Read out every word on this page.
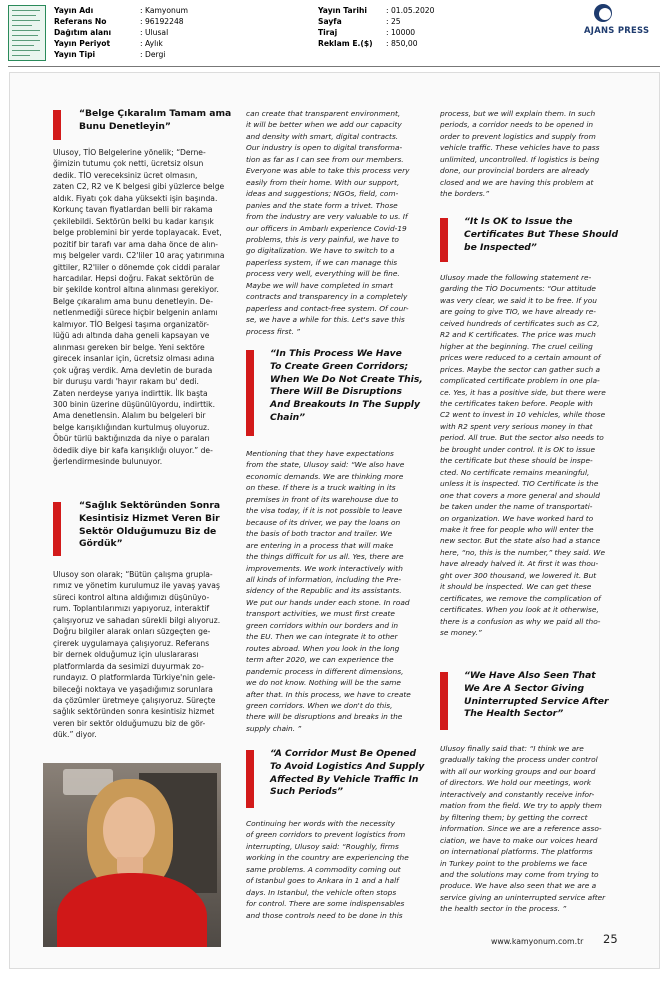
Yayın Adı	: Kamyonum
Referans No	: 96192248
Dağıtım alanı	: Ulusal
Yayın Periyot	: Aylık
Yayın Tipi	: Dergi
Yayın Tarihi	: 01.05.2020
Sayfa	: 25
Tiraj	: 10000
Reklam E.($) : 850,00
AJANS PRESS
“Belge Çıkaralım Tamam ama
Bunu Denetleyin”

Ulusoy, TİO Belgelerine yönelik; “Derne-

ğimizin tutumu çok netti, ücretsiz olsun

dedik. TİO vereceksiniz ücret olmasın,

zaten C2, R2 ve K belgesi gibi yüzlerce belge

aldık. Fiyatı çok daha yüksekti işin başında.

Korkunç tavan fiyatlardan belli bir rakama

çekilebildi. Sektörün belki bu kadar karışık

belge problemini bir yerde toplayacak. Evet,

pozitif bir tarafı var ama daha önce de alın-

mış belgeler vardı. C2'liler 10 araç yatırımına

gittiler, R2'liler o dönemde çok ciddi paralar

harcadılar. Hepsi doğru. Fakat sektörün de

bir şekilde kontrol altına alınması gerekiyor.

Belge çıkaralım ama bunu denetleyin. De-

netlenmediği sürece hiçbir belgenin anlamı

kalmıyor. TİO Belgesi taşıma organizatör-

lüğü adı altında daha geneli kapsayan ve

alınması gereken bir belge. Yeni sektöre

girecek insanlar için, ücretsiz olması adına

çok uğraş verdik. Ama devletin de burada

bir duruşu vardı 'hayır rakam bu' dedi.

Zaten nerdeyse yarıya indirttik. İlk başta

300 binin üzerine düşünülüyordu, indirttik.

Ama denetlensin. Alalım bu belgeleri bir

belge karışıklığından kurtulmuş oluyoruz.

Öbür türlü baktığınızda da niye o paraları

ödedik diye bir kafa karışıklığı oluyor.” de-

ğerlendirmesinde bulunuyor.

“Sağlık Sektöründen Sonra
Kesintisiz Hizmet Veren Bir
Sektör Olduğumuzu Biz de
Gördük”

Ulusoy son olarak; “Bütün çalışma grupla-

rımız ve yönetim kurulumuz ile yavaş yavaş

süreci kontrol altına aldığımızı düşünüyo-

rum. Toplantılarımızı yapıyoruz, interaktif

çalışıyoruz ve sahadan sürekli bilgi alıyoruz.

Doğru bilgiler alarak onları süzgeçten ge-

çirerek uygulamaya çalışıyoruz. Referans

bir dernek olduğumuz için uluslararası

platformlarda da sesimizi duyurmak zo-

rundayız. O platformlarda Türkiye'nin gele-

bileceği noktaya ve yaşadığımız sorunlara

da çözümler üretmeye çalışıyoruz. Süreçte

sağlık sektöründen sonra kesintisiz hizmet

veren bir sektör olduğumuzu biz de gör-

dük.” diyor.

can create that transparent environment,

it will be better when we add our capacity

and density with smart, digital contracts.

Our industry is open to digital transforma-

tion as far as I can see from our members.

Everyone was able to take this process very

easily from their home. With our support,

ideas and suggestions; NGOs, field, com-

panies and the state form a trivet. Those

from the industry are very valuable to us. If

our officers in Ambarlı experience Covid-19

problems, this is very painful, we have to

go digitalization. We have to switch to a

paperless system, if we can manage this

process very well, everything will be fine.

Maybe we will have completed in smart

contracts and transparency in a completely

paperless and contact-free system. Of cour-

se, we have a while for this. Let's save this

process first. ”

“In This Process We Have
To Create Green Corridors;
When We Do Not Create This,
There Will Be Disruptions
And Breakouts In The Supply
Chain”

Mentioning that they have expectations

from the state, Ulusoy said: “We also have

economic demands. We are thinking more

on these. If there is a truck waiting in its

premises in front of its warehouse due to

the visa today, if it is not possible to leave

because of its driver, we pay the loans on

the basis of both tractor and trailer. We

are entering in a process that will make

the things difficult for us all. Yes, there are

improvements. We work interactively with

all kinds of information, including the Pre-

sidency of the Republic and its assistants.

We put our hands under each stone. In road

transport activities, we must first create

green corridors within our borders and in

the EU. Then we can integrate it to other

routes abroad. When you look in the long

term after 2020, we can experience the

pandemic process in different dimensions,

we do not know. Nothing will be the same

after that. In this process, we have to create

green corridors. When we don't do this,

there will be disruptions and breaks in the

supply chain. ”

“A Corridor Must Be Opened
To Avoid Logistics And Supply
Affected By Vehicle Traffic In
Such Periods”

Continuing her words with the necessity

of green corridors to prevent logistics from

interrupting, Ulusoy said: “Roughly, firms

working in the country are experiencing the

same problems. A commodity coming out

of Istanbul goes to Ankara in 1 and a half

days. In Istanbul, the vehicle often stops

for control. There are some indispensables

and those controls need to be done in this

process, but we will explain them. In such

periods, a corridor needs to be opened in

order to prevent logistics and supply from

vehicle traffic. These vehicles have to pass

unlimited, uncontrolled. If logistics is being

done, our provincial borders are already

closed and we are having this problem at

the borders.”

“It Is OK to Issue the
Certificates But These Should
be Inspected”

Ulusoy made the following statement re-

garding the TİO Documents: “Our attitude

was very clear, we said it to be free. If you

are going to give TIO, we have already re-

ceived hundreds of certificates such as C2,

R2 and K certificates. The price was much

higher at the beginning. The cruel ceiling

prices were reduced to a certain amount of

prices. Maybe the sector can gather such a

complicated certificate problem in one pla-

ce. Yes, it has a positive side, but there were

the certificates taken before. People with

C2 went to invest in 10 vehicles, while those

with R2 spent very serious money in that

period. All true. But the sector also needs to

be brought under control. It is OK to issue

the certificate but these should be inspe-

cted. No certificate remains meaningful,

unless it is inspected. TIO Certificate is the

one that covers a more general and should

be taken under the name of transportati-

on organization. We have worked hard to

make it free for people who will enter the

new sector. But the state also had a stance

here, “no, this is the number,” they said. We

have already halved it. At first it was thou-

ght over 300 thousand, we lowered it. But

it should be inspected. We can get these

certificates, we remove the complication of

certificates. When you look at it otherwise,

there is a confusion as why we paid all tho-

se money.”

“We Have Also Seen That
We Are A Sector Giving
Uninterrupted Service After
The Health Sector”

Ulusoy finally said that: “I think we are

gradually taking the process under control

with all our working groups and our board

of directors. We hold our meetings, work

interactively and constantly receive infor-

mation from the field. We try to apply them

by filtering them; by getting the correct

information. Since we are a reference asso-

ciation, we have to make our voices heard

on international platforms. The platforms

in Turkey point to the problems we face

and the solutions may come from trying to

produce. We have also seen that we are a

service giving an uninterrupted service after

the health sector in the process. ”

www.kamyonum.com.tr 25
